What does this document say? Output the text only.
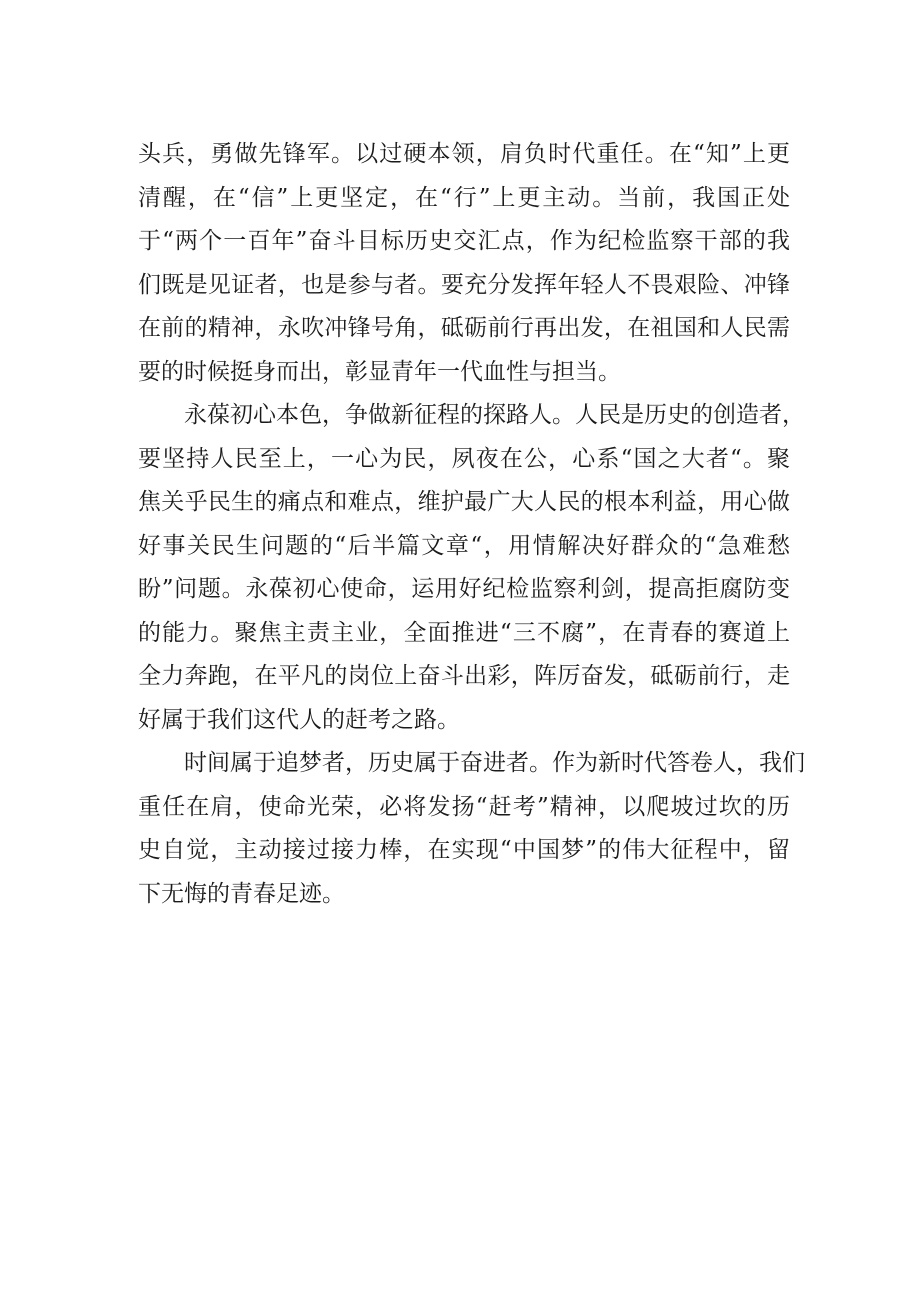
头兵，勇做先锋军。以过硬本领，肩负时代重任。在“知”上更
清醒，在“信”上更坚定，在“行”上更主动。当前，我国正处
于“两个一百年”奋斗目标历史交汇点，作为纪检监察干部的我
们既是见证者，也是参与者。要充分发挥年轻人不畏艰险、冲锋
在前的精神，永吹冲锋号角，砥砺前行再出发，在祖国和人民需
要的时候挺身而出，彰显青年一代血性与担当。
永葆初心本色，争做新征程的探路人。人民是历史的创造者，
要坚持人民至上，一心为民，夙夜在公，心系“国之大者“。聚
焦关乎民生的痛点和难点，维护最广大人民的根本利益，用心做
好事关民生问题的“后半篇文章“，用情解决好群众的“急难愁
盼”问题。永葆初心使命，运用好纪检监察利剑，提高拒腐防变
的能力。聚焦主责主业，全面推进“三不腐”，在青春的赛道上
全力奔跑，在平凡的岗位上奋斗出彩，阵厉奋发，砥砺前行，走
好属于我们这代人的赶考之路。
时间属于追梦者，历史属于奋进者。作为新时代答卷人，我们
重任在肩，使命光荣，必将发扬“赶考”精神，以爬坡过坎的历
史自觉，主动接过接力棒，在实现“中国梦”的伟大征程中，留
下无悔的青春足迹。
